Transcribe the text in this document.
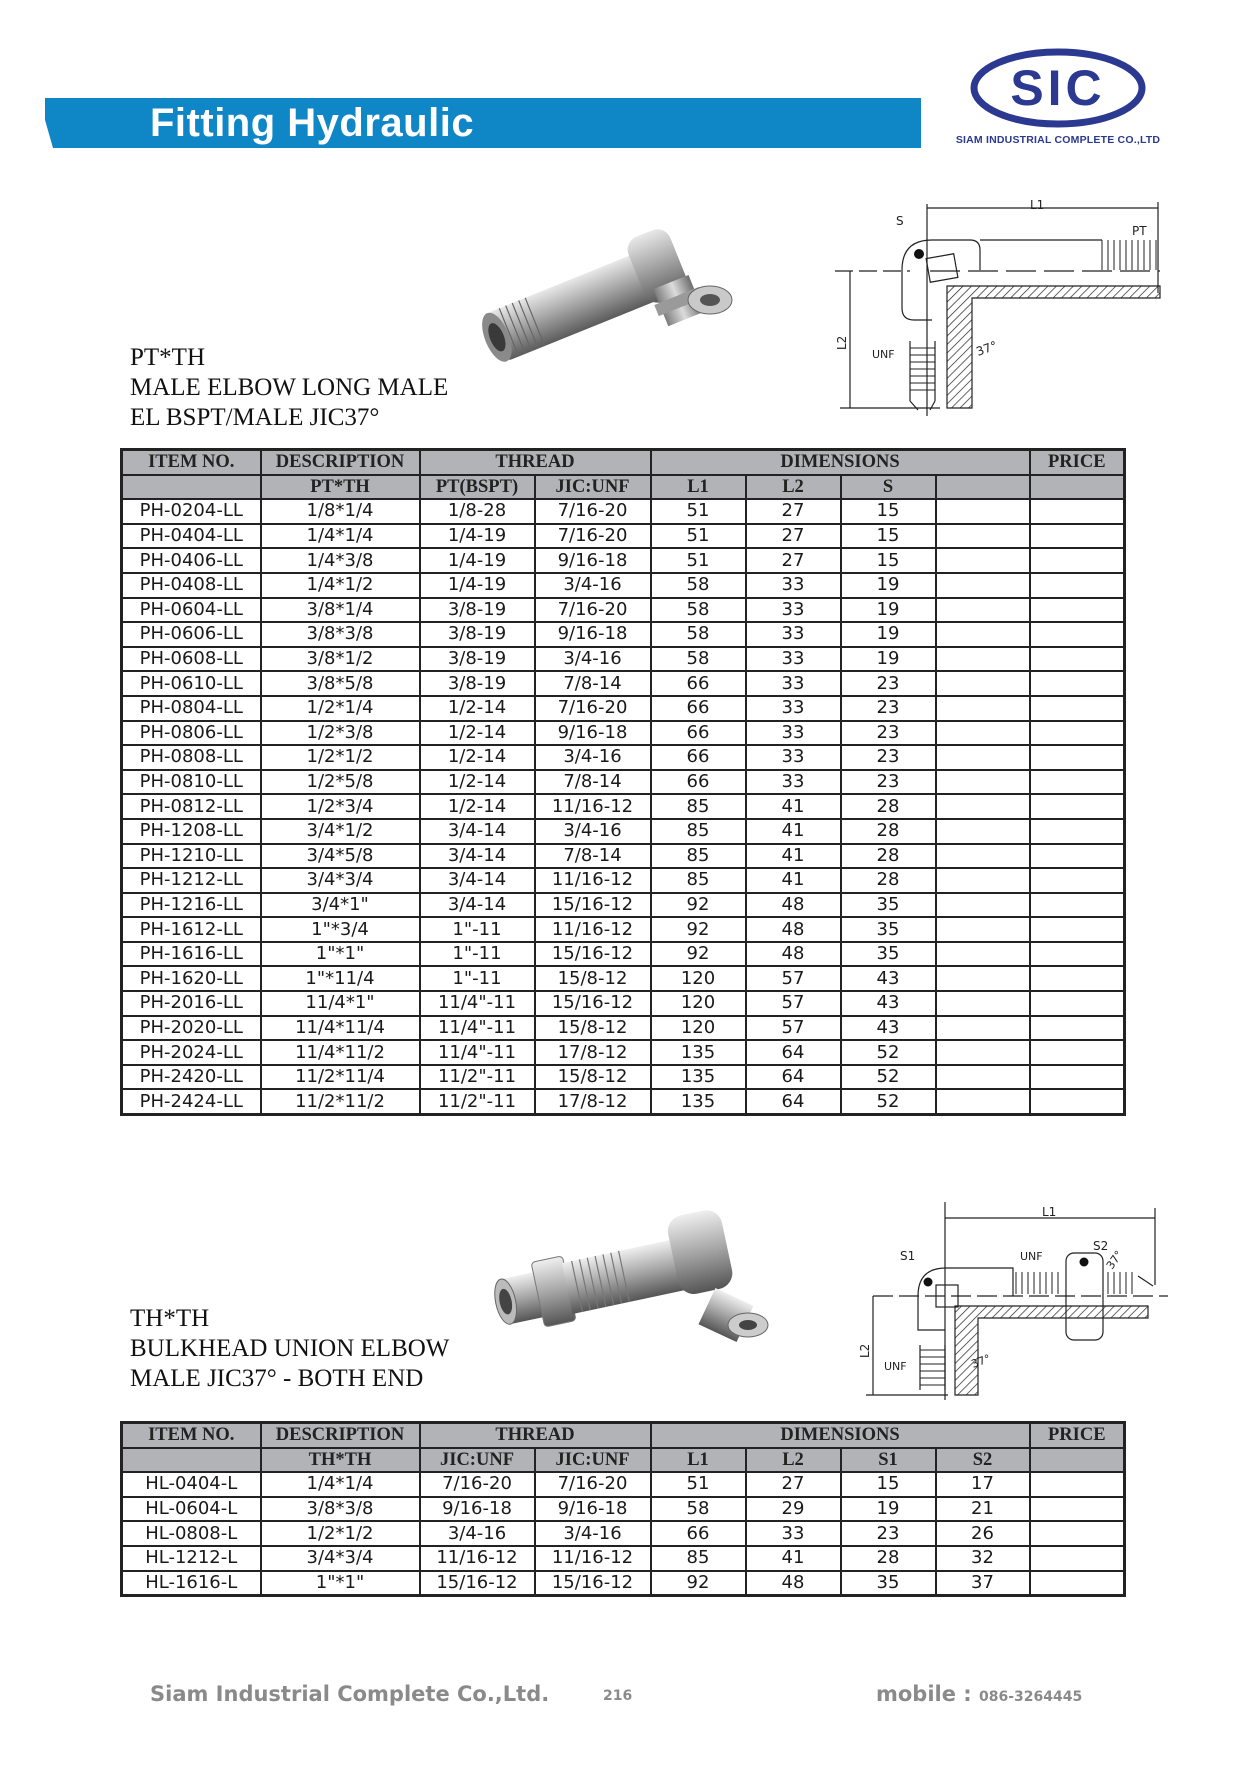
Fitting Hydraulic
SIC
SIAM INDUSTRIAL COMPLETE CO.,LTD
PT*TH
MALE ELBOW LONG MALE
EL BSPT/MALE JIC37°
S
L1
PT
UNF	37°
L2
ITEM NO.	DESCRIPTION	THREAD		DIMENSIONS				PRICE
	PT*TH	PT(BSPT)	JIC:UNF	L1	L2	S		
PH-0204-LL	1/8*1/4	1/8-28	7/16-20	51	27	15		
PH-0404-LL	1/4*1/4	1/4-19	7/16-20	51	27	15		
PH-0406-LL	1/4*3/8	1/4-19	9/16-18	51	27	15		
PH-0408-LL	1/4*1/2	1/4-19	3/4-16	58	33	19		
PH-0604-LL	3/8*1/4	3/8-19	7/16-20	58	33	19		
PH-0606-LL	3/8*3/8	3/8-19	9/16-18	58	33	19		
PH-0608-LL	3/8*1/2	3/8-19	3/4-16	58	33	19		
PH-0610-LL	3/8*5/8	3/8-19	7/8-14	66	33	23		
PH-0804-LL	1/2*1/4	1/2-14	7/16-20	66	33	23		
PH-0806-LL	1/2*3/8	1/2-14	9/16-18	66	33	23		
PH-0808-LL	1/2*1/2	1/2-14	3/4-16	66	33	23		
PH-0810-LL	1/2*5/8	1/2-14	7/8-14	66	33	23		
PH-0812-LL	1/2*3/4	1/2-14	11/16-12	85	41	28		
PH-1208-LL	3/4*1/2	3/4-14	3/4-16	85	41	28		
PH-1210-LL	3/4*5/8	3/4-14	7/8-14	85	41	28		
PH-1212-LL	3/4*3/4	3/4-14	11/16-12	85	41	28		
PH-1216-LL	3/4*1"	3/4-14	15/16-12	92	48	35		
PH-1612-LL	1"*3/4	1"-11	11/16-12	92	48	35		
PH-1616-LL	1"*1"	1"-11	15/16-12	92	48	35		
PH-1620-LL	1"*11/4	1"-11	15/8-12	120	57	43		
PH-2016-LL	11/4*1"	11/4"-11	15/16-12	120	57	43		
PH-2020-LL	11/4*11/4	11/4"-11	15/8-12	120	57	43		
PH-2024-LL	11/4*11/2	11/4"-11	17/8-12	135	64	52		
PH-2420-LL	11/2*11/4	11/2"-11	15/8-12	135	64	52		
PH-2424-LL	11/2*11/2	11/2"-11	17/8-12	135	64	52		
TH*TH
BULKHEAD UNION ELBOW
MALE JIC37° - BOTH END
S1
L1
S2
UNF	37°
UNF	37°
L2
ITEM NO.	DESCRIPTION	THREAD		DIMENSIONS				PRICE
	TH*TH	JIC:UNF	JIC:UNF	L1	L2	S1	S2	
HL-0404-L	1/4*1/4	7/16-20	7/16-20	51	27	15	17	
HL-0604-L	3/8*3/8	9/16-18	9/16-18	58	29	19	21	
HL-0808-L	1/2*1/2	3/4-16	3/4-16	66	33	23	26	
HL-1212-L	3/4*3/4	11/16-12	11/16-12	85	41	28	32	
HL-1616-L	1"*1"	15/16-12	15/16-12	92	48	35	37	
Siam Industrial Complete Co.,Ltd.	216	mobile : 086-3264445
